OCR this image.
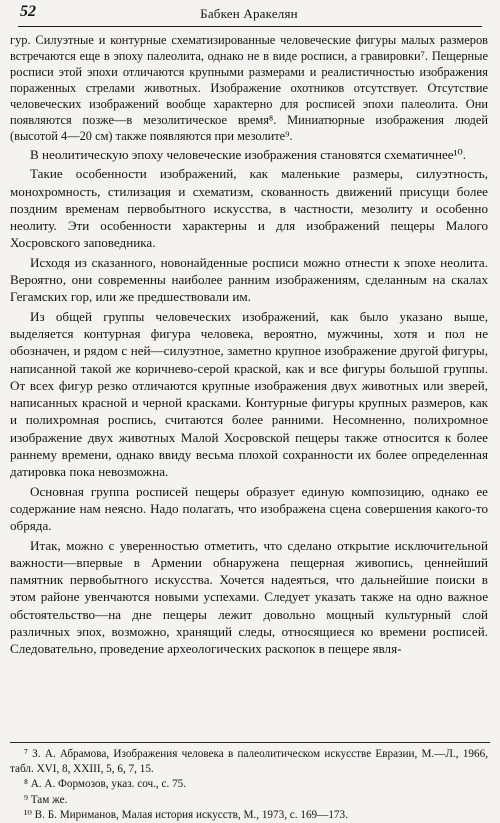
52	Бабкен Аракелян

гур. Силуэтные и контурные схематизированные человеческие фигуры малых размеров встречаются еще в эпоху палеолита, однако не в виде росписи, а гравировки⁷. Пещерные росписи этой эпохи отличаются крупными размерами и реалистичностью изображения пораженных стрелами животных. Изображение охотников отсутствует. Отсутствие человеческих изображений вообще характерно для росписей эпохи палеолита. Они появляются позже—в мезолитическое время⁸. Миниатюрные изображения людей (высотой 4—20 см) также появляются при мезолите⁹.

В неолитическую эпоху человеческие изображения становятся схематичнее¹⁰.

Такие особенности изображений, как маленькие размеры, силуэтность, монохромность, стилизация и схематизм, скованность движений присущи более поздним временам первобытного искусства, в частности, мезолиту и особенно неолиту. Эти особенности характерны и для изображений пещеры Малого Хосровского заповедника.

Исходя из сказанного, новонайденные росписи можно отнести к эпохе неолита. Вероятно, они современны наиболее ранним изображениям, сделанным на скалах Гегамских гор, или же предшествовали им.

Из общей группы человеческих изображений, как было указано выше, выделяется контурная фигура человека, вероятно, мужчины, хотя и пол не обозначен, и рядом с ней—силуэтное, заметно крупное изображение другой фигуры, написанной такой же коричнево-серой краской, как и все фигуры большой группы. От всех фигур резко отличаются крупные изображения двух животных или зверей, написанных красной и черной красками. Контурные фигуры крупных размеров, как и полихромная роспись, считаются более ранними. Несомненно, полихромное изображение двух животных Малой Хосровской пещеры также относится к более раннему времени, однако ввиду весьма плохой сохранности их более определенная датировка пока невозможна.

Основная группа росписей пещеры образует единую композицию, однако ее содержание нам неясно. Надо полагать, что изображена сцена совершения какого-то обряда.

Итак, можно с уверенностью отметить, что сделано открытие исключительной важности—впервые в Армении обнаружена пещерная живопись, ценнейший памятник первобытного искусства. Хочется надеяться, что дальнейшие поиски в этом районе увенчаются новыми успехами. Следует указать также на одно важное обстоятельство—на дне пещеры лежит довольно мощный культурный слой различных эпох, возможно, хранящий следы, относящиеся ко времени росписей. Следовательно, проведение археологических раскопок в пещере явля-

⁷ З. А. Абрамова, Изображения человека в палеолитическом искусстве Евразии, М.—Л., 1966, табл. XVI, 8, XXIII, 5, 6, 7, 15.

⁸ А. А. Формозов, указ. соч., с. 75.

⁹ Там же.

¹⁰ В. Б. Мириманов, Малая история искусств, М., 1973, с. 169—173.
